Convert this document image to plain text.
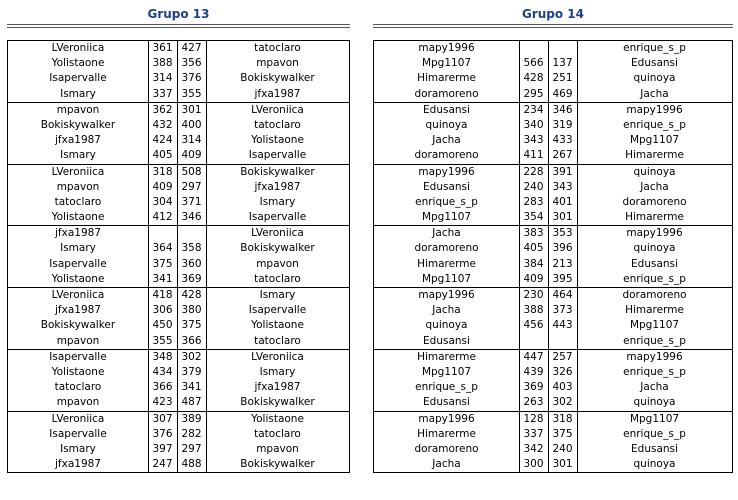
Grupo 13
LVeroniica	361 427	tatoclaro
Yolistaone	388 356	mpavon
Isapervalle	314 376	Bokiskywalker
Ismary	337 355	jfxa1987
mpavon	362 301	LVeroniica
Bokiskywalker	432 400	tatoclaro
jfxa1987	424 314	Yolistaone
Ismary	405 409	Isapervalle
LVeroniica	318 508	Bokiskywalker
mpavon	409 297	jfxa1987
tatoclaro	304 371	Ismary
Yolistaone	412 346	Isapervalle
jfxa1987	LVeroniica
Ismary	364 358	Bokiskywalker
Isapervalle	375 360	mpavon
Yolistaone	341 369	tatoclaro
LVeroniica	418 428	Ismary
jfxa1987	306 380	Isapervalle
Bokiskywalker	450 375	Yolistaone
mpavon	355 366	tatoclaro
Isapervalle	348 302	LVeroniica
Yolistaone	434 379	Ismary
tatoclaro	366 341	jfxa1987
mpavon	423 487	Bokiskywalker
LVeroniica	307 389	Yolistaone
Isapervalle	376 282	tatoclaro
Ismary	397 297	mpavon
jfxa1987	247 488	Bokiskywalker
Grupo 14
mapy1996	enrique_s_p
Mpg1107	566 137	Edusansi
Himarerme	428 251	quinoya
doramoreno	295 469	Jacha
Edusansi	234 346	mapy1996
quinoya	340 319	enrique_s_p
Jacha	343 433	Mpg1107
doramoreno	411 267	Himarerme
mapy1996	228 391	quinoya
Edusansi	240 343	Jacha
enrique_s_p	283 401	doramoreno
Mpg1107	354 301	Himarerme
Jacha	383 353	mapy1996
doramoreno	405 396	quinoya
Himarerme	384 213	Edusansi
Mpg1107	409 395	enrique_s_p
mapy1996	230 464	doramoreno
Jacha	388 373	Himarerme
quinoya	456 443	Mpg1107
Edusansi	enrique_s_p
Himarerme	447 257	mapy1996
Mpg1107	439 326	enrique_s_p
enrique_s_p	369 403	Jacha
Edusansi	263 302	quinoya
mapy1996	128 318	Mpg1107
Himarerme	337 375	enrique_s_p
doramoreno	342 240	Edusansi
Jacha	300 301	quinoya
